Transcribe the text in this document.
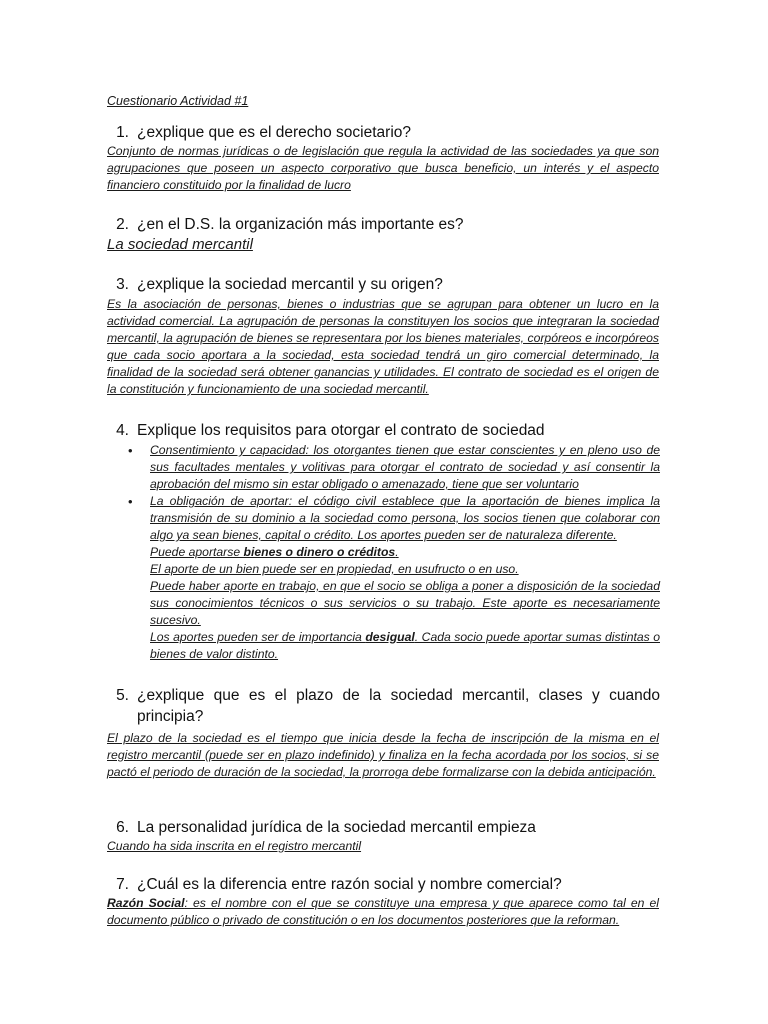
Cuestionario Actividad #1
1. ¿explique que es el derecho societario?
Conjunto de normas jurídicas o de legislación que regula la actividad de las sociedades ya que son agrupaciones que poseen un aspecto corporativo que busca beneficio, un interés y el aspecto financiero constituido por la finalidad de lucro
2. ¿en el D.S. la organización más importante es?
La sociedad mercantil
3. ¿explique la sociedad mercantil y su origen?
Es la asociación de personas, bienes o industrias que se agrupan para obtener un lucro en la actividad comercial. La agrupación de personas la constituyen los socios que integraran la sociedad mercantil, la agrupación de bienes se representara por los bienes materiales, corpóreos e incorpóreos que cada socio aportara a la sociedad, esta sociedad tendrá un giro comercial determinado, la finalidad de la sociedad será obtener ganancias y utilidades. El contrato de sociedad es el origen de la constitución y funcionamiento de una sociedad mercantil.
4. Explique los requisitos para otorgar el contrato de sociedad
•	Consentimiento y capacidad: los otorgantes tienen que estar conscientes y en pleno uso de sus facultades mentales y volitivas para otorgar el contrato de sociedad y así consentir la aprobación del mismo sin estar obligado o amenazado, tiene que ser voluntario

•	La obligación de aportar: el código civil establece que la aportación de bienes implica la transmisión de su dominio a la sociedad como persona, los socios tienen que colaborar con algo ya sean bienes, capital o crédito. Los aportes pueden ser de naturaleza diferente.

Puede aportarse bienes o dinero o créditos.

El aporte de un bien puede ser en propiedad, en usufructo o en uso.

Puede haber aporte en trabajo, en que el socio se obliga a poner a disposición de la sociedad sus conocimientos técnicos o sus servicios o su trabajo. Este aporte es necesariamente sucesivo.

Los aportes pueden ser de importancia desigual. Cada socio puede aportar sumas distintas o bienes de valor distinto.

5. ¿explique que es el plazo de la sociedad mercantil, clases y cuando principia?
El plazo de la sociedad es el tiempo que inicia desde la fecha de inscripción de la misma en el registro mercantil (puede ser en plazo indefinido) y finaliza en la fecha acordada por los socios, si se pactó el periodo de duración de la sociedad, la prorroga debe formalizarse con la debida anticipación.
6. La personalidad jurídica de la sociedad mercantil empieza
Cuando ha sida inscrita en el registro mercantil
7. ¿Cuál es la diferencia entre razón social y nombre comercial?
Razón Social: es el nombre con el que se constituye una empresa y que aparece como tal en el documento público o privado de constitución o en los documentos posteriores que la reforman.
